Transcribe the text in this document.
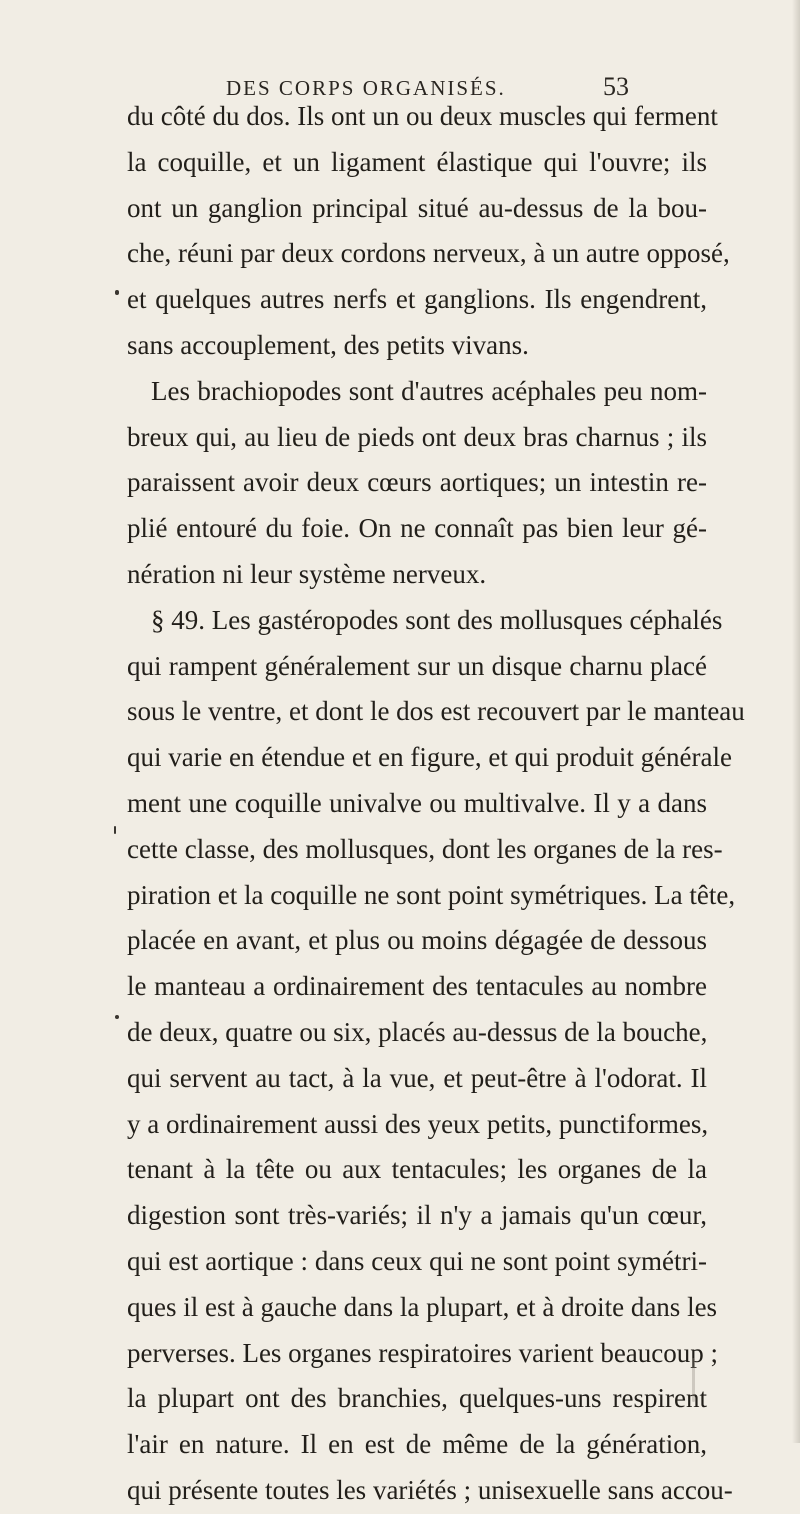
DES CORPS ORGANISÉS.	53
du côté du dos. Ils ont un ou deux muscles qui ferment
la coquille, et un ligament élastique qui l'ouvre; ils
ont un ganglion principal situé au-dessus de la bou-
che, réuni par deux cordons nerveux, à un autre opposé,
et quelques autres nerfs et ganglions. Ils engendrent,
sans accouplement, des petits vivans.
Les brachiopodes sont d'autres acéphales peu nom-
breux qui, au lieu de pieds ont deux bras charnus ; ils
paraissent avoir deux cœurs aortiques; un intestin re-
plié entouré du foie. On ne connaît pas bien leur gé-
nération ni leur système nerveux.
§ 49. Les gastéropodes sont des mollusques céphalés
qui rampent généralement sur un disque charnu placé
sous le ventre, et dont le dos est recouvert par le manteau
qui varie en étendue et en figure, et qui produit générale
ment une coquille univalve ou multivalve. Il y a dans
cette classe, des mollusques, dont les organes de la res-
piration et la coquille ne sont point symétriques. La tête,
placée en avant, et plus ou moins dégagée de dessous
le manteau a ordinairement des tentacules au nombre
de deux, quatre ou six, placés au-dessus de la bouche,
qui servent au tact, à la vue, et peut-être à l'odorat. Il
y a ordinairement aussi des yeux petits, punctiformes,
tenant à la tête ou aux tentacules; les organes de la
digestion sont très-variés; il n'y a jamais qu'un cœur,
qui est aortique : dans ceux qui ne sont point symétri-
ques il est à gauche dans la plupart, et à droite dans les
perverses. Les organes respiratoires varient beaucoup ;
la plupart ont des branchies, quelques-uns respirent
l'air en nature. Il en est de même de la génération,
qui présente toutes les variétés ; unisexuelle sans accou-
